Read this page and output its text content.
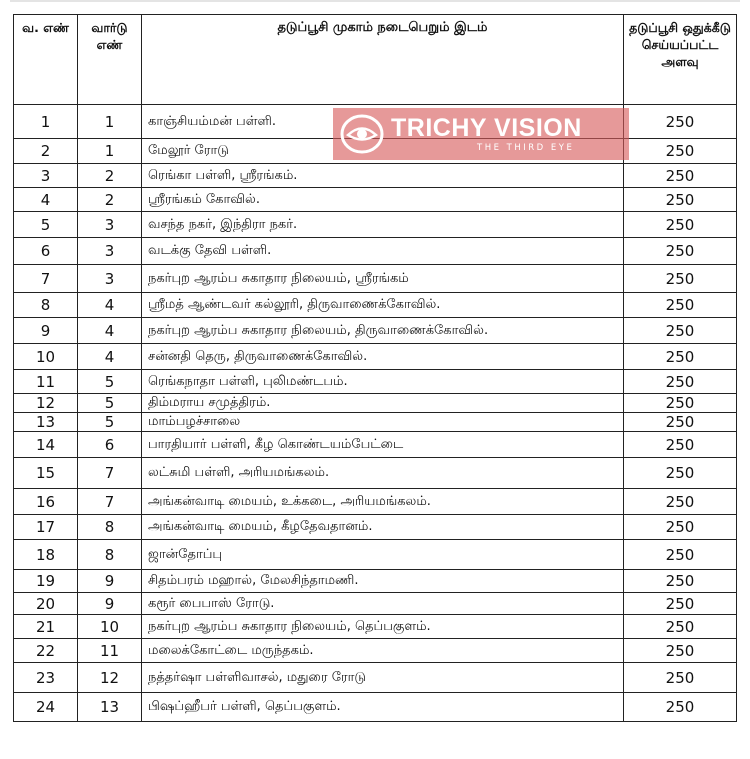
வ. எண்	வார்டு எண்	தடுப்பூசி முகாம் நடைபெறும் இடம்	தடுப்பூசி ஒதுக்கீடு செய்யப்பட்ட அளவு
1	1	காஞ்சியம்மன் பள்ளி.	250
2	1	மேலூர் ரோடு	250
3	2	ரெங்கா பள்ளி, ஸ்ரீரங்கம்.	250
4	2	ஸ்ரீரங்கம் கோவில்.	250
5	3	வசந்த நகர், இந்திரா நகர்.	250
6	3	வடக்கு தேவி பள்ளி.	250
7	3	நகர்புற ஆரம்ப சுகாதார நிலையம், ஸ்ரீரங்கம்	250
8	4	ஸ்ரீமத் ஆண்டவர் கல்லூரி, திருவாணைக்கோவில்.	250
9	4	நகர்புற ஆரம்ப சுகாதார நிலையம், திருவாணைக்கோவில்.	250
10	4	சன்னதி தெரு, திருவாணைக்கோவில்.	250
11	5	ரெங்கநாதா பள்ளி, புலிமண்டபம்.	250
12	5	திம்மராய சமுத்திரம்.	250
13	5	மாம்பழச்சாலை	250
14	6	பாரதியார் பள்ளி, கீழ கொண்டயம்பேட்டை	250
15	7	லட்சுமி பள்ளி, அரியமங்கலம்.	250
16	7	அங்கன்வாடி மையம், உக்கடை, அரியமங்கலம்.	250
17	8	அங்கன்வாடி மையம், கீழதேவதானம்.	250
18	8	ஜான்தோப்பு	250
19	9	சிதம்பரம் மஹால், மேலசிந்தாமணி.	250
20	9	கரூர் பைபாஸ் ரோடு.	250
21	10	நகர்புற ஆரம்ப சுகாதார நிலையம், தெப்பகுளம்.	250
22	11	மலைக்கோட்டை மருந்தகம்.	250
23	12	நத்தர்ஷா பள்ளிவாசல், மதுரை ரோடு	250
24	13	பிஷப்ஹீபர் பள்ளி, தெப்பகுளம்.	250
TRICHY VISION
THE THIRD EYE
